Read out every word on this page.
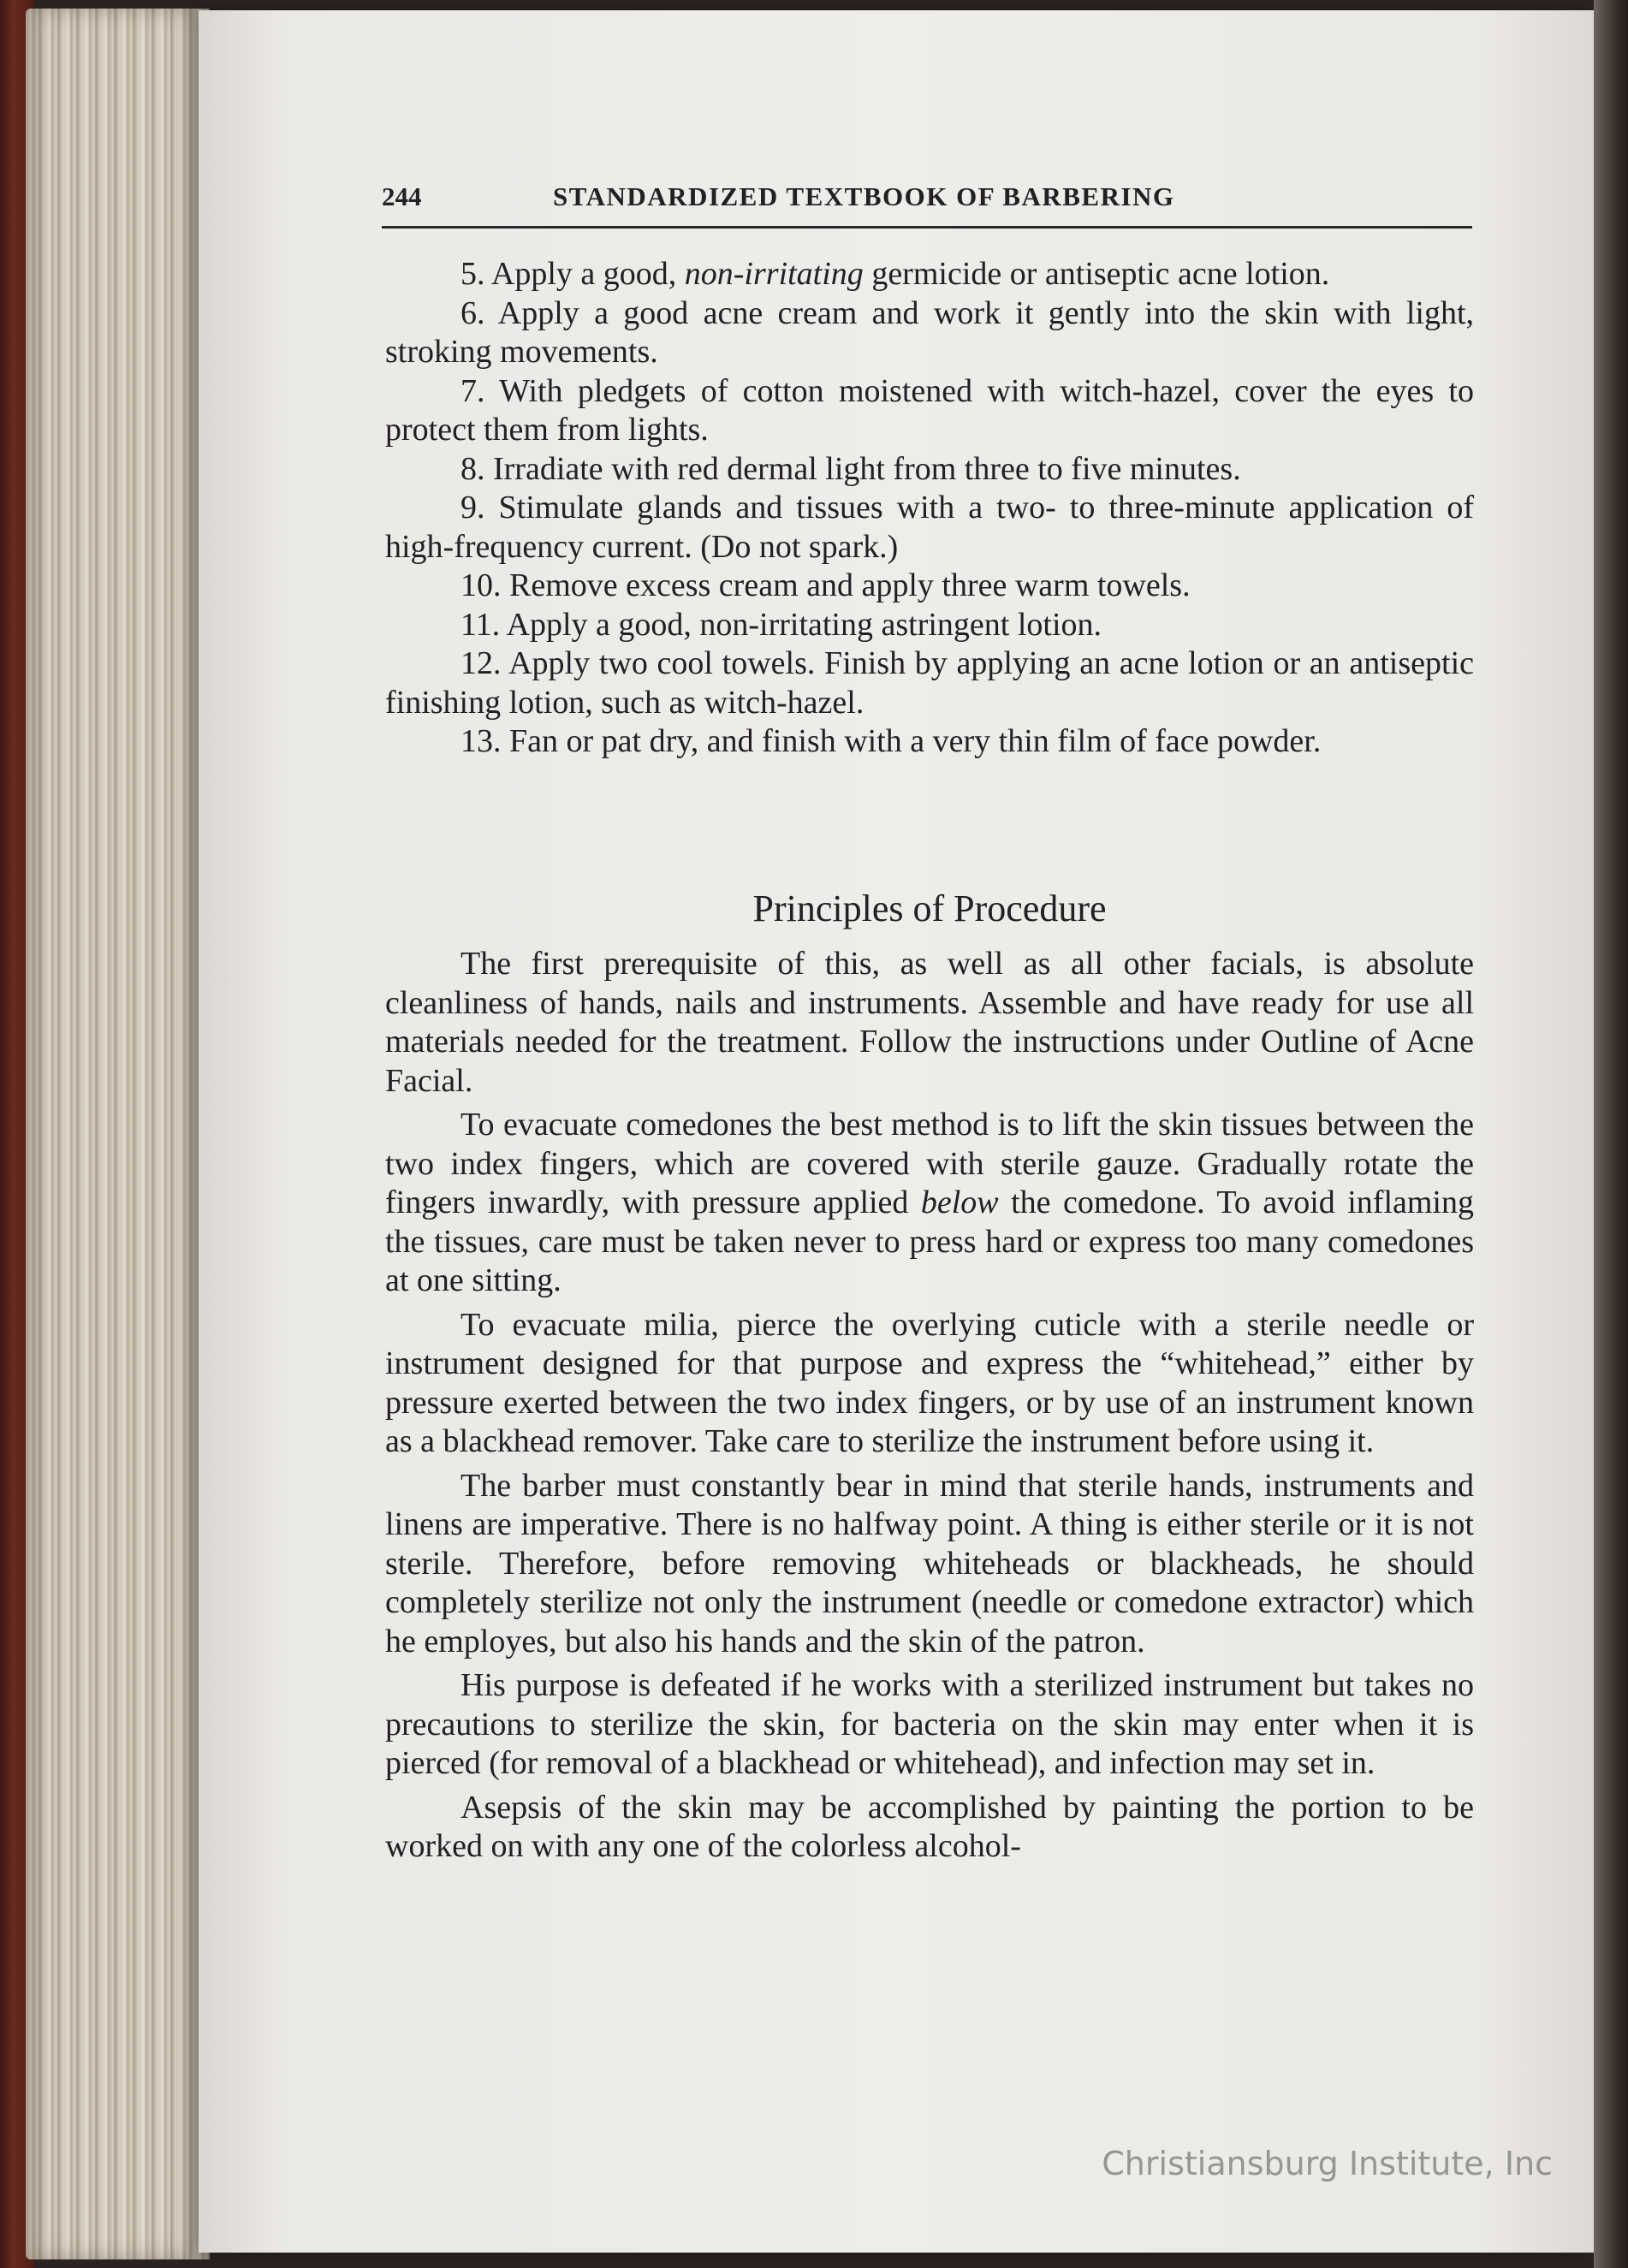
244	STANDARDIZED TEXTBOOK OF BARBERING

5. Apply a good, non-irritating germicide or antiseptic acne lotion.

6. Apply a good acne cream and work it gently into the skin with light, stroking movements.

7. With pledgets of cotton moistened with witch-hazel, cover the eyes to protect them from lights.

8. Irradiate with red dermal light from three to five minutes.

9. Stimulate glands and tissues with a two- to three-minute application of high-frequency current. (Do not spark.)

10. Remove excess cream and apply three warm towels.

11. Apply a good, non-irritating astringent lotion.

12. Apply two cool towels. Finish by applying an acne lotion or an antiseptic finishing lotion, such as witch-hazel.

13. Fan or pat dry, and finish with a very thin film of face powder.

Principles of Procedure

The first prerequisite of this, as well as all other facials, is absolute cleanliness of hands, nails and instruments. Assemble and have ready for use all materials needed for the treatment. Follow the instructions under Outline of Acne Facial.

To evacuate comedones the best method is to lift the skin tissues between the two index fingers, which are covered with sterile gauze. Gradually rotate the fingers inwardly, with pressure applied below the comedone. To avoid inflaming the tissues, care must be taken never to press hard or express too many comedones at one sitting.

To evacuate milia, pierce the overlying cuticle with a sterile needle or instrument designed for that purpose and express the “whitehead,” either by pressure exerted between the two index fingers, or by use of an instrument known as a blackhead remover. Take care to sterilize the instrument before using it.

The barber must constantly bear in mind that sterile hands, instruments and linens are imperative. There is no halfway point. A thing is either sterile or it is not sterile. Therefore, before removing whiteheads or blackheads, he should completely sterilize not only the instrument (needle or comedone extractor) which he employes, but also his hands and the skin of the patron.

His purpose is defeated if he works with a sterilized instrument but takes no precautions to sterilize the skin, for bacteria on the skin may enter when it is pierced (for removal of a blackhead or whitehead), and infection may set in.

Asepsis of the skin may be accomplished by painting the portion to be worked on with any one of the colorless alcohol-

Christiansburg Institute, Inc
